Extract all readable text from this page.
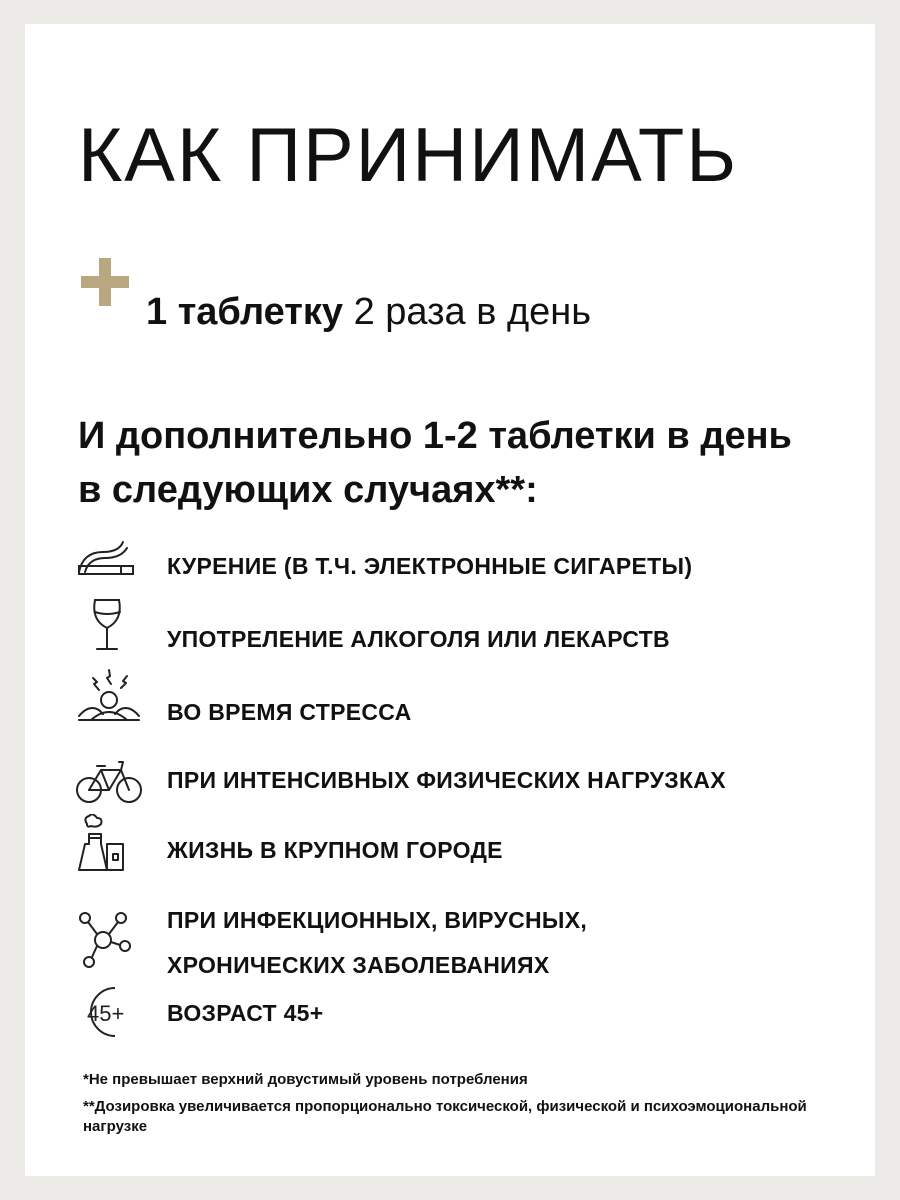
КАК ПРИНИМАТЬ

1 таблетку 2 раза в день

И дополнительно 1-2 таблетки в день в следующих случаях**:

КУРЕНИЕ (В Т.Ч. ЭЛЕКТРОННЫЕ СИГАРЕТЫ)

УПОТРЕЛЕНИЕ АЛКОГОЛЯ ИЛИ ЛЕКАРСТВ

ВО ВРЕМЯ СТРЕССА

ПРИ ИНТЕНСИВНЫХ ФИЗИЧЕСКИХ НАГРУЗКАХ

ЖИЗНЬ В КРУПНОМ ГОРОДЕ

ПРИ ИНФЕКЦИОННЫХ, ВИРУСНЫХ,

ХРОНИЧЕСКИХ ЗАБОЛЕВАНИЯХ

45+ ВОЗРАСТ 45+

*Не превышает верхний довустимый уровень потребления

**Дозировка увеличивается пропорционально токсической, физической и психоэмоциональной нагрузке
